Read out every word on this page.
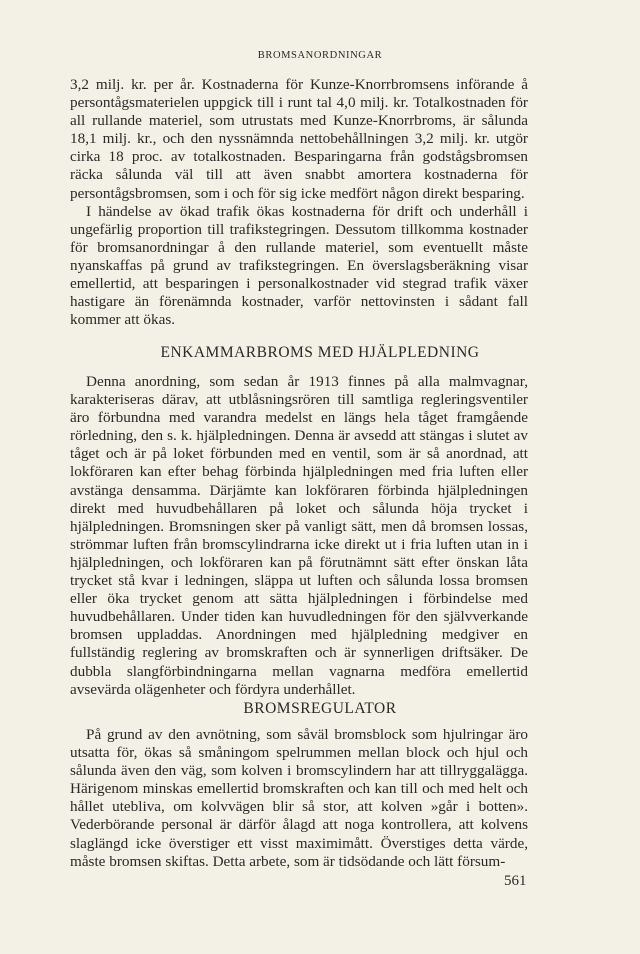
BROMSANORDNINGAR

3,2 milj. kr. per år. Kostnaderna för Kunze-Knorrbromsens införande å persontågsmaterielen uppgick till i runt tal 4,0 milj. kr. Totalkostnaden för all rullande materiel, som utrustats med Kunze-Knorrbroms, är sålunda 18,1 milj. kr., och den nyssnämnda nettobehållningen 3,2 milj. kr. utgör cirka 18 proc. av totalkostnaden. Besparingarna från godstågsbromsen räcka sålunda väl till att även snabbt amortera kostnaderna för persontågsbromsen, som i och för sig icke medfört någon direkt besparing.

I händelse av ökad trafik ökas kostnaderna för drift och underhåll i ungefärlig proportion till trafikstegringen. Dessutom tillkomma kostnader för bromsanordningar å den rullande materiel, som eventuellt måste nyanskaffas på grund av trafikstegringen. En överslagsberäkning visar emellertid, att besparingen i personalkostnader vid stegrad trafik växer hastigare än förenämnda kostnader, varför nettovinsten i sådant fall kommer att ökas.

ENKAMMARBROMS MED HJÄLPLEDNING

Denna anordning, som sedan år 1913 finnes på alla malmvagnar, karakteriseras därav, att utblåsningsrören till samtliga regleringsventiler äro förbundna med varandra medelst en längs hela tåget framgående rörledning, den s. k. hjälpledningen. Denna är avsedd att stängas i slutet av tåget och är på loket förbunden med en ventil, som är så anordnad, att lokföraren kan efter behag förbinda hjälpledningen med fria luften eller avstänga densamma. Därjämte kan lokföraren förbinda hjälpledningen direkt med huvudbehållaren på loket och sålunda höja trycket i hjälpledningen. Bromsningen sker på vanligt sätt, men då bromsen lossas, strömmar luften från bromscylindrarna icke direkt ut i fria luften utan in i hjälpledningen, och lokföraren kan på förutnämnt sätt efter önskan låta trycket stå kvar i ledningen, släppa ut luften och sålunda lossa bromsen eller öka trycket genom att sätta hjälpledningen i förbindelse med huvudbehållaren. Under tiden kan huvudledningen för den självverkande bromsen uppladdas. Anordningen med hjälpledning medgiver en fullständig reglering av bromskraften och är synnerligen driftsäker. De dubbla slangförbindningarna mellan vagnarna medföra emellertid avsevärda olägenheter och fördyra underhållet.

BROMSREGULATOR

På grund av den avnötning, som såväl bromsblock som hjulringar äro utsatta för, ökas så småningom spelrummen mellan block och hjul och sålunda även den väg, som kolven i bromscylindern har att tillryggalägga. Härigenom minskas emellertid bromskraften och kan till och med helt och hållet utebliva, om kolvvägen blir så stor, att kolven »går i botten». Vederbörande personal är därför ålagd att noga kontrollera, att kolvens slaglängd icke överstiger ett visst maximimått. Överstiges detta värde, måste bromsen skiftas. Detta arbete, som är tidsödande och lätt försum-

561
